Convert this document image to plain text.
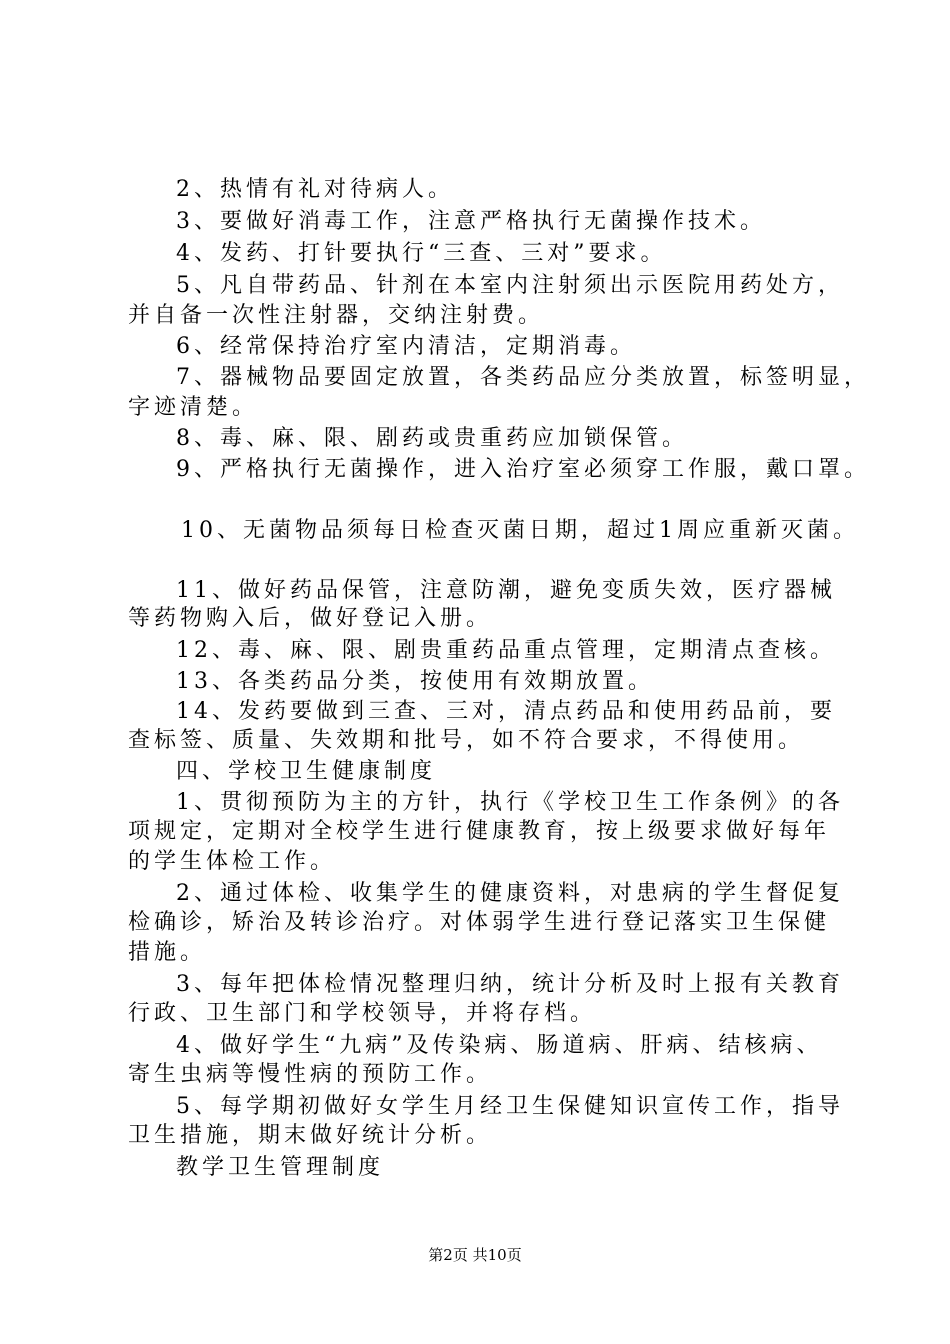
2、热情有礼对待病人。
3、要做好消毒工作，注意严格执行无菌操作技术。
4、发药、打针要执行“三查、三对”要求。
5、凡自带药品、针剂在本室内注射须出示医院用药处方，
并自备一次性注射器，交纳注射费。
6、经常保持治疗室内清洁，定期消毒。
7、器械物品要固定放置，各类药品应分类放置，标签明显，
字迹清楚。
8、毒、麻、限、剧药或贵重药应加锁保管。
9、严格执行无菌操作，进入治疗室必须穿工作服，戴口罩。
10、无菌物品须每日检查灭菌日期，超过1周应重新灭菌。
11、做好药品保管，注意防潮，避免变质失效，医疗器械
等药物购入后，做好登记入册。
12、毒、麻、限、剧贵重药品重点管理，定期清点查核。
13、各类药品分类，按使用有效期放置。
14、发药要做到三查、三对，清点药品和使用药品前，要
查标签、质量、失效期和批号，如不符合要求，不得使用。
四、学校卫生健康制度
1、贯彻预防为主的方针，执行《学校卫生工作条例》的各
项规定，定期对全校学生进行健康教育，按上级要求做好每年
的学生体检工作。
2、通过体检、收集学生的健康资料，对患病的学生督促复
检确诊，矫治及转诊治疗。对体弱学生进行登记落实卫生保健
措施。
3、每年把体检情况整理归纳，统计分析及时上报有关教育
行政、卫生部门和学校领导，并将存档。
4、做好学生“九病”及传染病、肠道病、肝病、结核病、
寄生虫病等慢性病的预防工作。
5、每学期初做好女学生月经卫生保健知识宣传工作，指导
卫生措施，期末做好统计分析。
教学卫生管理制度
第2页 共10页
